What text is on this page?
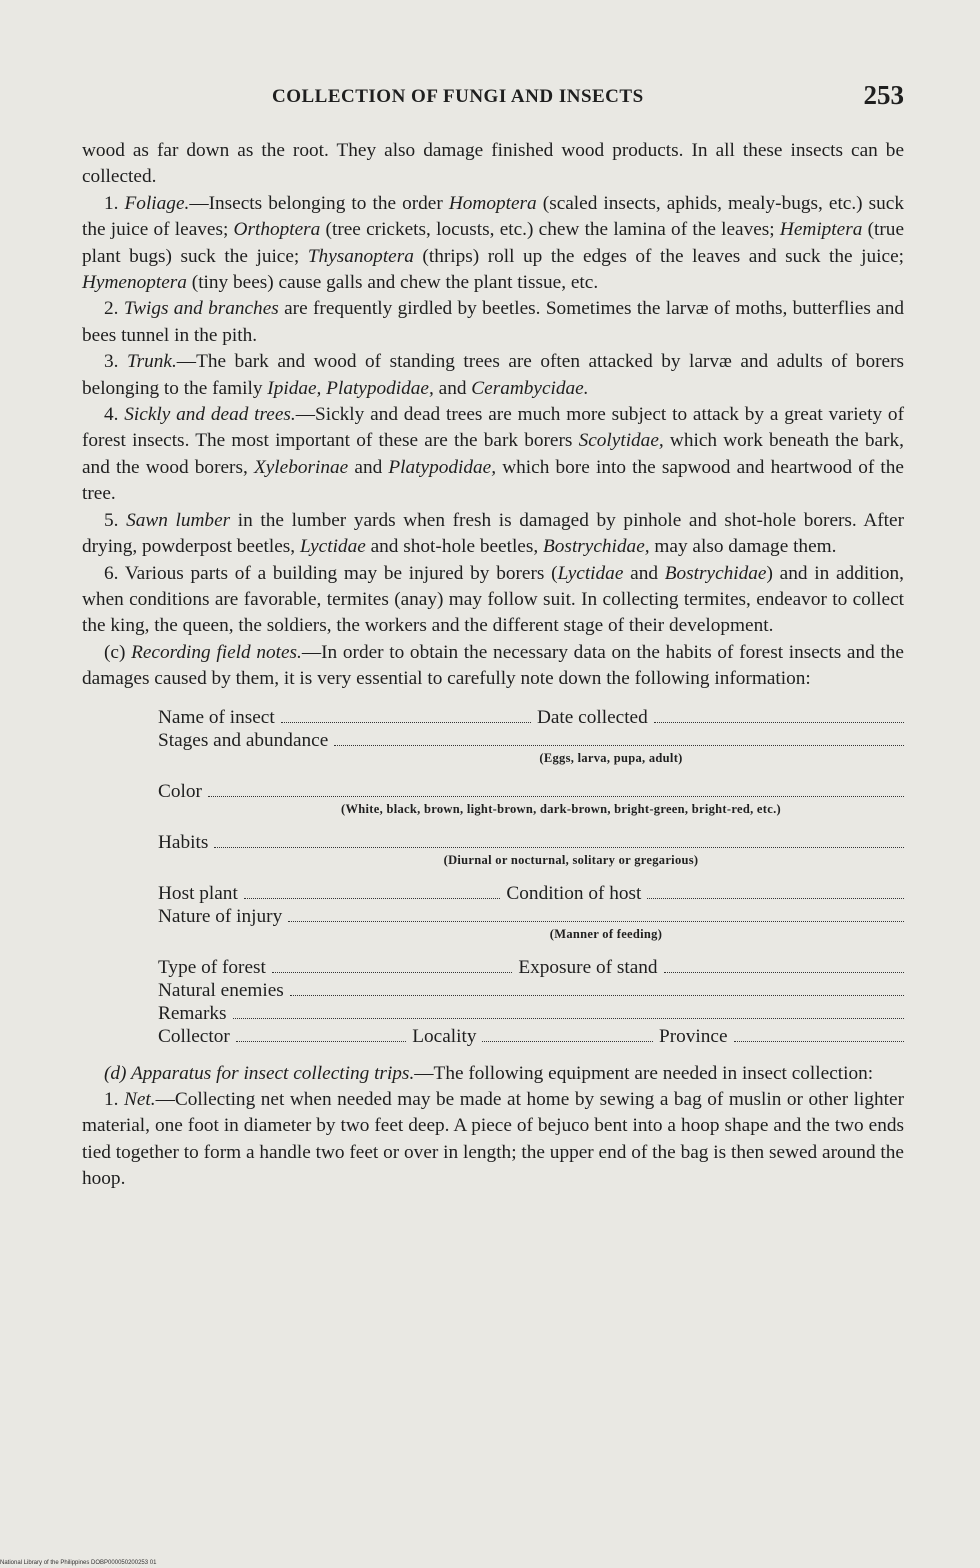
COLLECTION OF FUNGI AND INSECTS	253

wood as far down as the root. They also damage finished wood products. In all these insects can be collected.

1. Foliage.—Insects belonging to the order Homoptera (scaled insects, aphids, mealy-bugs, etc.) suck the juice of leaves; Orthoptera (tree crickets, locusts, etc.) chew the lamina of the leaves; Hemiptera (true plant bugs) suck the juice; Thysanoptera (thrips) roll up the edges of the leaves and suck the juice; Hymenoptera (tiny bees) cause galls and chew the plant tissue, etc.

2. Twigs and branches are frequently girdled by beetles. Sometimes the larvæ of moths, butterflies and bees tunnel in the pith.

3. Trunk.—The bark and wood of standing trees are often attacked by larvæ and adults of borers belonging to the family Ipidae, Platypodidae, and Cerambycidae.

4. Sickly and dead trees.—Sickly and dead trees are much more subject to attack by a great variety of forest insects. The most important of these are the bark borers Scolytidae, which work beneath the bark, and the wood borers, Xyleborinae and Platypodidae, which bore into the sapwood and heartwood of the tree.

5. Sawn lumber in the lumber yards when fresh is damaged by pinhole and shot-hole borers. After drying, powderpost beetles, Lyctidae and shot-hole beetles, Bostrychidae, may also damage them.

6. Various parts of a building may be injured by borers (Lyctidae and Bostrychidae) and in addition, when conditions are favorable, termites (anay) may follow suit. In collecting termites, endeavor to collect the king, the queen, the soldiers, the workers and the different stage of their development.

(c) Recording field notes.—In order to obtain the necessary data on the habits of forest insects and the damages caused by them, it is very essential to carefully note down the following information:

Name of insect	Date collected
Stages and abundance
(Eggs, larva, pupa, adult)
Color
(White, black, brown, light-brown, dark-brown, bright-green, bright-red, etc.)
Habits
(Diurnal or nocturnal, solitary or gregarious)
Host plant	Condition of host
Nature of injury
(Manner of feeding)
Type of forest	Exposure of stand
Natural enemies
Remarks
Collector	Locality	Province

(d) Apparatus for insect collecting trips.—The following equipment are needed in insect collection:

1. Net.—Collecting net when needed may be made at home by sewing a bag of muslin or other lighter material, one foot in diameter by two feet deep. A piece of bejuco bent into a hoop shape and the two ends tied together to form a handle two feet or over in length; the upper end of the bag is then sewed around the hoop.

National Library of the Philippines DOBP000050200253 01
